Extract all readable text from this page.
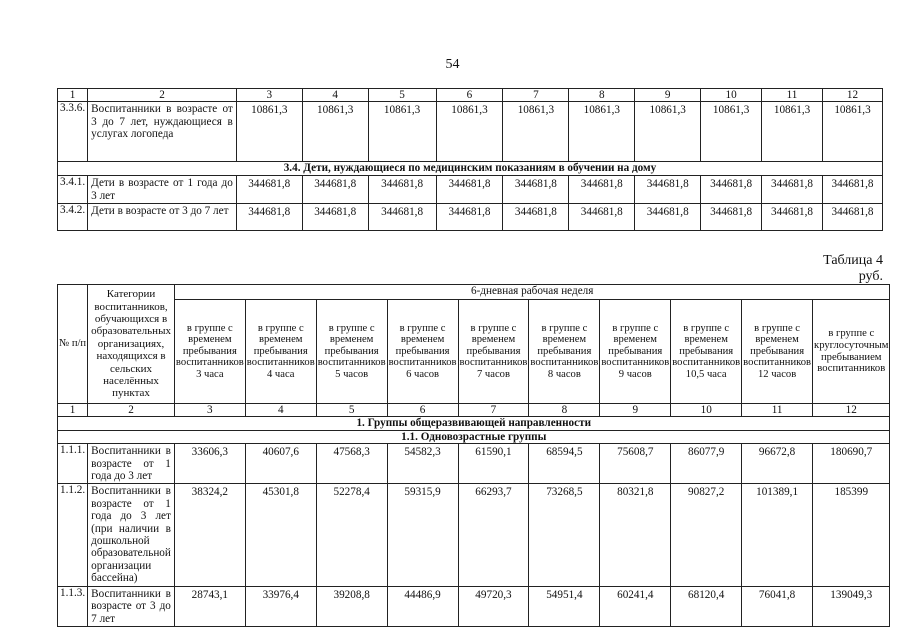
54
1	2	3	4	5	6	7	8	9	10	11	12
3.3.6.	Воспитанники в возрасте от 3 до 7 лет, нуждающиеся в услугах логопеда	10861,3	10861,3	10861,3	10861,3	10861,3	10861,3	10861,3	10861,3	10861,3	10861,3
3.4. Дети, нуждающиеся по медицинским показаниям в обучении на дому											
3.4.1.	Дети в возрасте от 1 года до 3 лет	344681,8	344681,8	344681,8	344681,8	344681,8	344681,8	344681,8	344681,8	344681,8	344681,8
3.4.2.	Дети в возрасте от 3 до 7 лет	344681,8	344681,8	344681,8	344681,8	344681,8	344681,8	344681,8	344681,8	344681,8	344681,8
Таблица 4
руб.
№ п/п	Категории воспитанников, обучающихся в образовательных организациях, находящихся в сельских населённых пунктах	6-дневная рабочая неделя									
		в группе с временем пребывания воспитанников 3 часа	в группе с временем пребывания воспитанников 4 часа	в группе с временем пребывания воспитанников 5 часов	в группе с временем пребывания воспитанников 6 часов	в группе с временем пребывания воспитанников 7 часов	в группе с временем пребывания воспитанников 8 часов	в группе с временем пребывания воспитанников 9 часов	в группе с временем пребывания воспитанников 10,5 часа	в группе с временем пребывания воспитанников 12 часов	в группе с круглосуточным пребыванием воспитанников
1	2	3	4	5	6	7	8	9	10	11	12
1. Группы общеразвивающей направленности											
1.1. Одновозрастные группы											
1.1.1.	Воспитанники в возрасте от 1 года до 3 лет	33606,3	40607,6	47568,3	54582,3	61590,1	68594,5	75608,7	86077,9	96672,8	180690,7
1.1.2.	Воспитанники в возрасте от 1 года до 3 лет (при наличии в дошкольной образовательной организации бассейна)	38324,2	45301,8	52278,4	59315,9	66293,7	73268,5	80321,8	90827,2	101389,1	185399
1.1.3.	Воспитанники в возрасте от 3 до 7 лет	28743,1	33976,4	39208,8	44486,9	49720,3	54951,4	60241,4	68120,4	76041,8	139049,3
